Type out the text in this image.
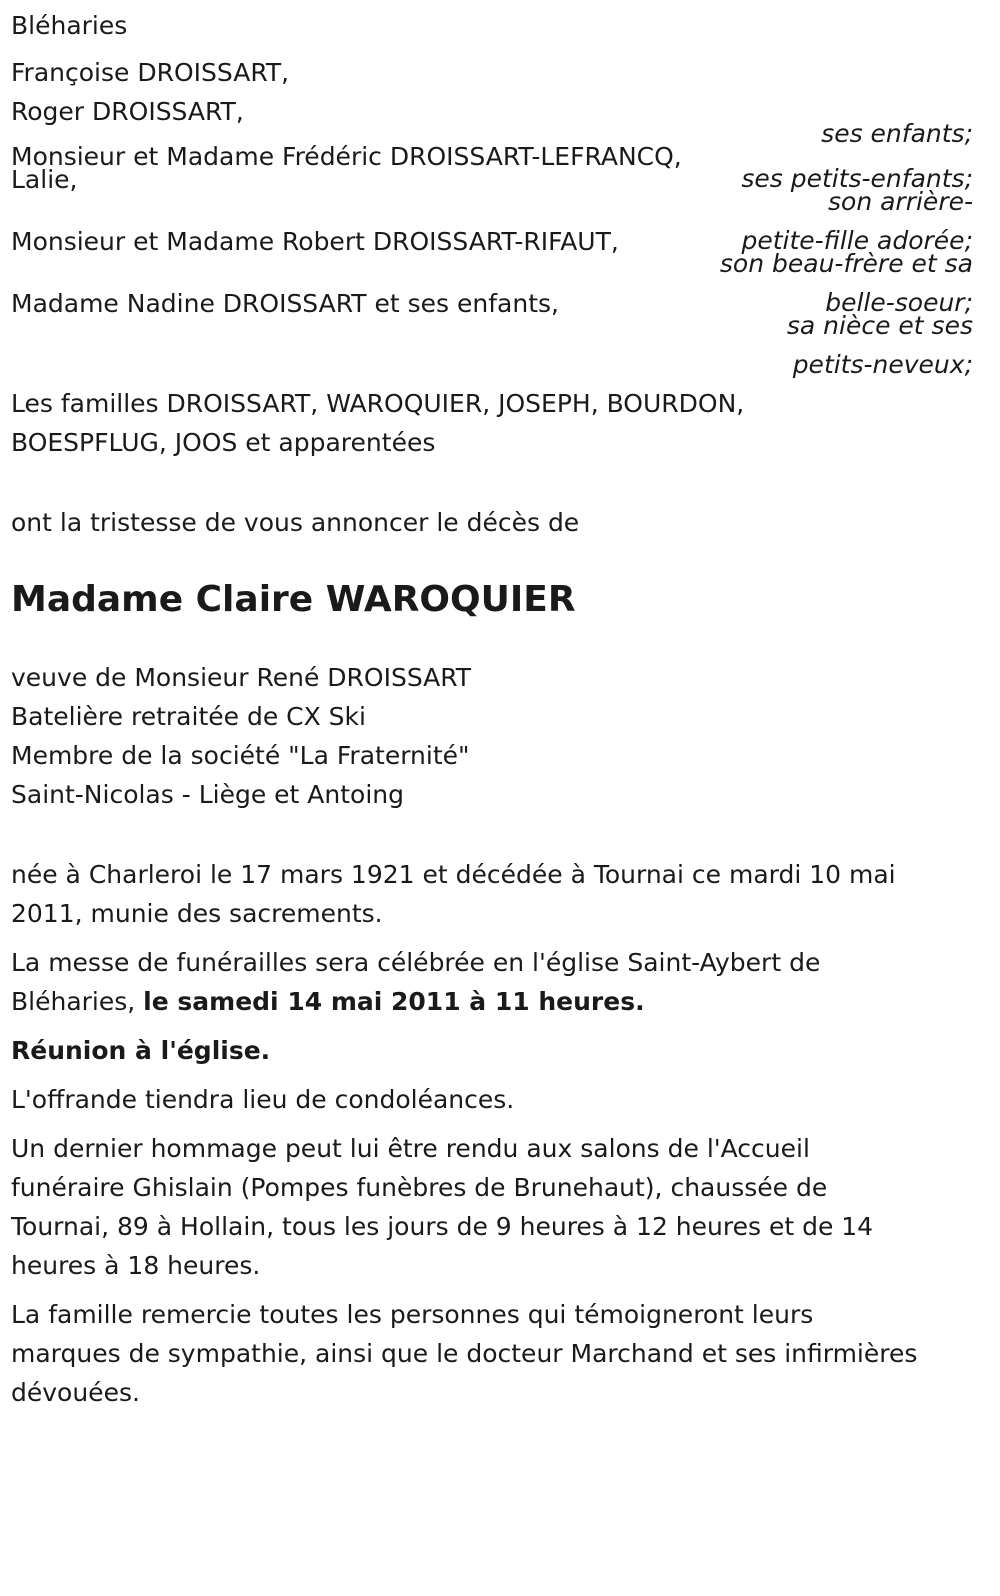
Bléharies
Françoise DROISSART,
Roger DROISSART,
ses enfants;
Monsieur et Madame Frédéric DROISSART-LEFRANCQ,
ses petits-enfants;
Lalie,
son arrière-
petite-fille adorée;
Monsieur et Madame Robert DROISSART-RIFAUT,
son beau-frère et sa
belle-soeur;
Madame Nadine DROISSART et ses enfants,
sa nièce et ses
petits-neveux;
Les familles DROISSART, WAROQUIER, JOSEPH, BOURDON,
BOESPFLUG, JOOS et apparentées
ont la tristesse de vous annoncer le décès de
Madame Claire WAROQUIER
veuve de Monsieur René DROISSART
Batelière retraitée de CX Ski
Membre de la société "La Fraternité"
Saint-Nicolas - Liège et Antoing
née à Charleroi le 17 mars 1921 et décédée à Tournai ce mardi 10 mai
2011, munie des sacrements.
La messe de funérailles sera célébrée en l'église Saint-Aybert de
Bléharies, le samedi 14 mai 2011 à 11 heures.
Réunion à l'église.
L'offrande tiendra lieu de condoléances.
Un dernier hommage peut lui être rendu aux salons de l'Accueil
funéraire Ghislain (Pompes funèbres de Brunehaut), chaussée de
Tournai, 89 à Hollain, tous les jours de 9 heures à 12 heures et de 14
heures à 18 heures.
La famille remercie toutes les personnes qui témoigneront leurs
marques de sympathie, ainsi que le docteur Marchand et ses infirmières
dévouées.
